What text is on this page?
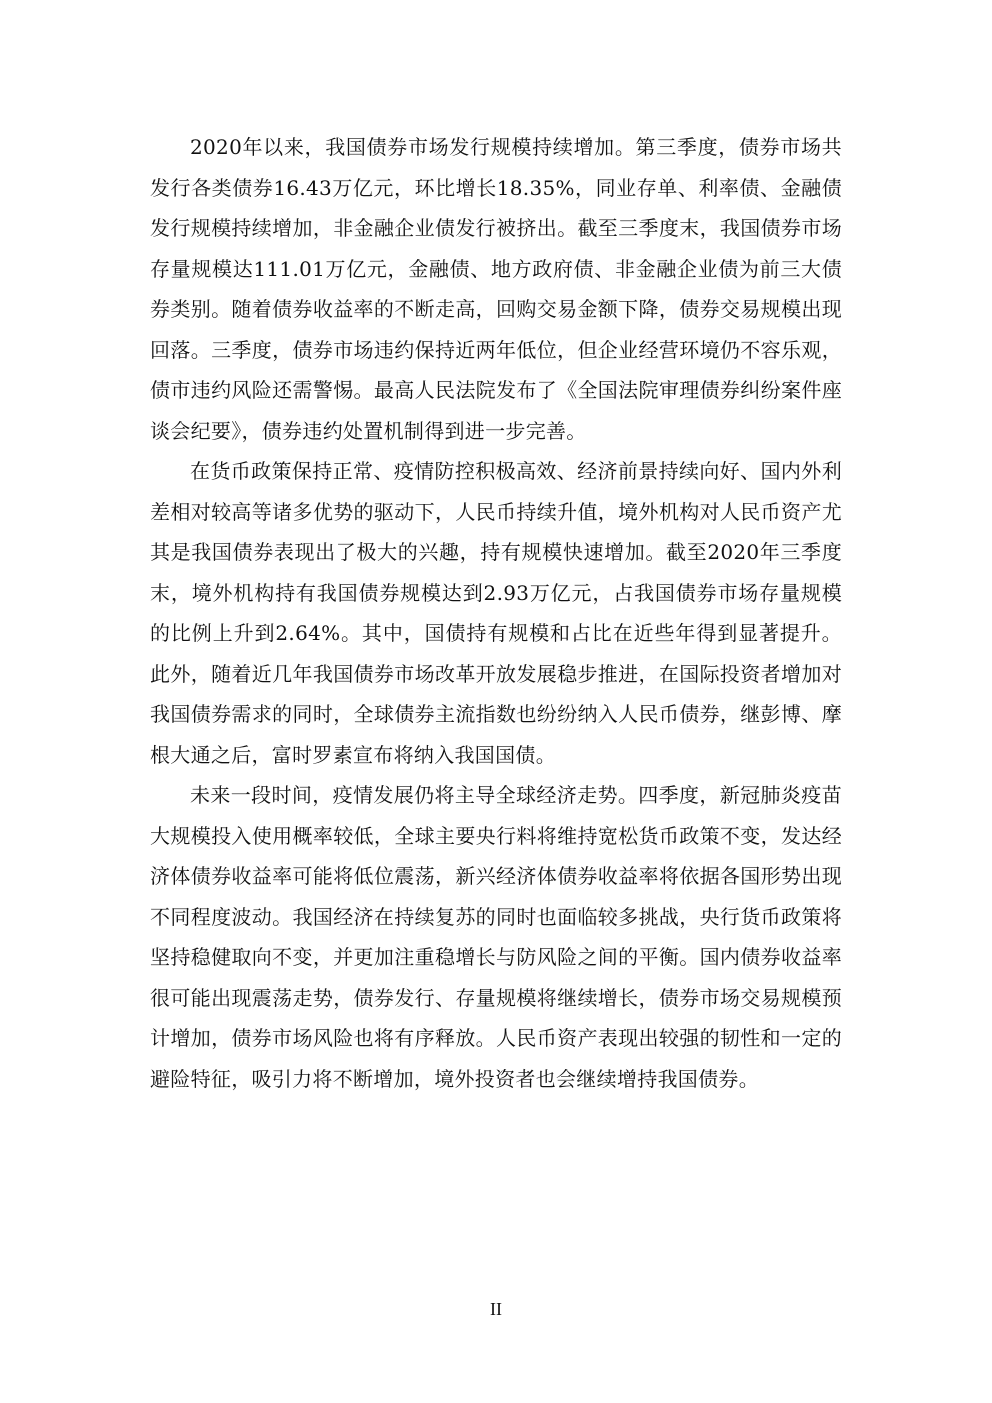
2020年以来，我国债券市场发行规模持续增加。第三季度，债券市场共发行各类债券16.43万亿元，环比增长18.35%，同业存单、利率债、金融债发行规模持续增加，非金融企业债发行被挤出。截至三季度末，我国债券市场存量规模达111.01万亿元，金融债、地方政府债、非金融企业债为前三大债券类别。随着债券收益率的不断走高，回购交易金额下降，债券交易规模出现回落。三季度，债券市场违约保持近两年低位，但企业经营环境仍不容乐观，债市违约风险还需警惕。最高人民法院发布了《全国法院审理债券纠纷案件座谈会纪要》，债券违约处置机制得到进一步完善。

在货币政策保持正常、疫情防控积极高效、经济前景持续向好、国内外利差相对较高等诸多优势的驱动下，人民币持续升值，境外机构对人民币资产尤其是我国债券表现出了极大的兴趣，持有规模快速增加。截至2020年三季度末，境外机构持有我国债券规模达到2.93万亿元，占我国债券市场存量规模的比例上升到2.64%。其中，国债持有规模和占比在近些年得到显著提升。此外，随着近几年我国债券市场改革开放发展稳步推进，在国际投资者增加对我国债券需求的同时，全球债券主流指数也纷纷纳入人民币债券，继彭博、摩根大通之后，富时罗素宣布将纳入我国国债。

未来一段时间，疫情发展仍将主导全球经济走势。四季度，新冠肺炎疫苗大规模投入使用概率较低，全球主要央行料将维持宽松货币政策不变，发达经济体债券收益率可能将低位震荡，新兴经济体债券收益率将依据各国形势出现不同程度波动。我国经济在持续复苏的同时也面临较多挑战，央行货币政策将坚持稳健取向不变，并更加注重稳增长与防风险之间的平衡。国内债券收益率很可能出现震荡走势，债券发行、存量规模将继续增长，债券市场交易规模预计增加，债券市场风险也将有序释放。人民币资产表现出较强的韧性和一定的避险特征，吸引力将不断增加，境外投资者也会继续增持我国债券。

II
